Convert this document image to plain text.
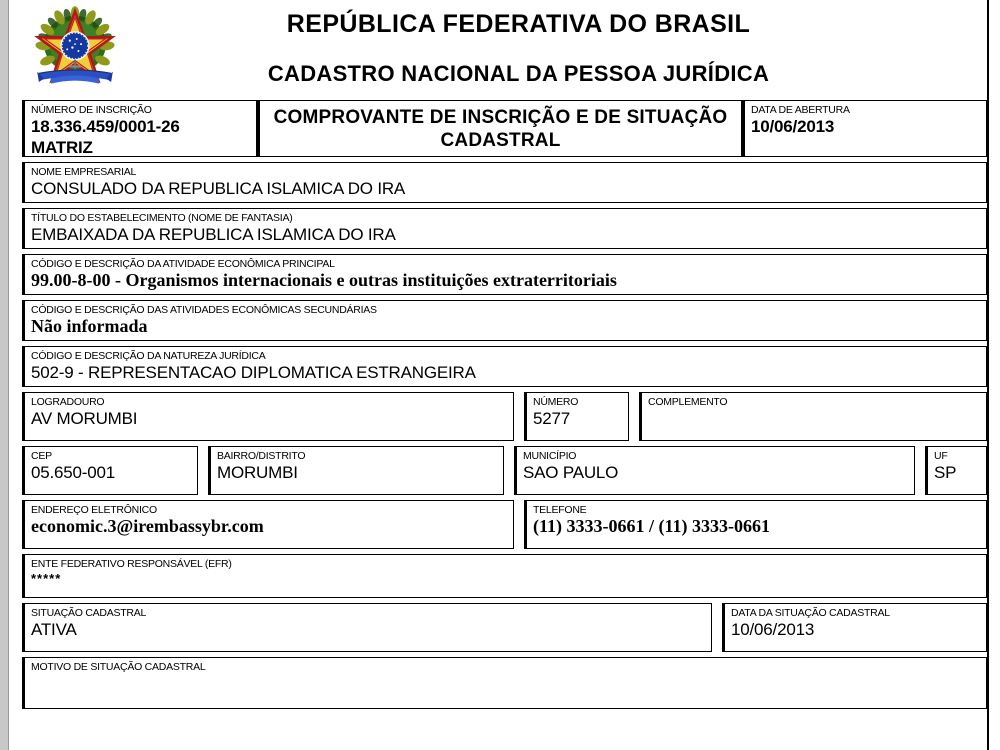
REPÚBLICA FEDERATIVA DO BRASIL
CADASTRO NACIONAL DA PESSOA JURÍDICA
NÚMERO DE INSCRIÇÃO
18.336.459/0001-26
MATRIZ
COMPROVANTE DE INSCRIÇÃO E DE SITUAÇÃO CADASTRAL
DATA DE ABERTURA
10/06/2013
NOME EMPRESARIAL
CONSULADO DA REPUBLICA ISLAMICA DO IRA
TÍTULO DO ESTABELECIMENTO (NOME DE FANTASIA)
EMBAIXADA DA REPUBLICA ISLAMICA DO IRA
CÓDIGO E DESCRIÇÃO DA ATIVIDADE ECONÔMICA PRINCIPAL
99.00-8-00 - Organismos internacionais e outras instituições extraterritoriais
CÓDIGO E DESCRIÇÃO DAS ATIVIDADES ECONÔMICAS SECUNDÁRIAS
Não informada
CÓDIGO E DESCRIÇÃO DA NATUREZA JURÍDICA
502-9 - REPRESENTACAO DIPLOMATICA ESTRANGEIRA
LOGRADOURO
AV MORUMBI
NÚMERO
5277
COMPLEMENTO
CEP
05.650-001
BAIRRO/DISTRITO
MORUMBI
MUNICÍPIO
SAO PAULO
UF
SP
ENDEREÇO ELETRÔNICO
economic.3@irembassybr.com
TELEFONE
(11) 3333-0661 / (11) 3333-0661
ENTE FEDERATIVO RESPONSÁVEL (EFR)
*****
SITUAÇÃO CADASTRAL
ATIVA
DATA DA SITUAÇÃO CADASTRAL
10/06/2013
MOTIVO DE SITUAÇÃO CADASTRAL
